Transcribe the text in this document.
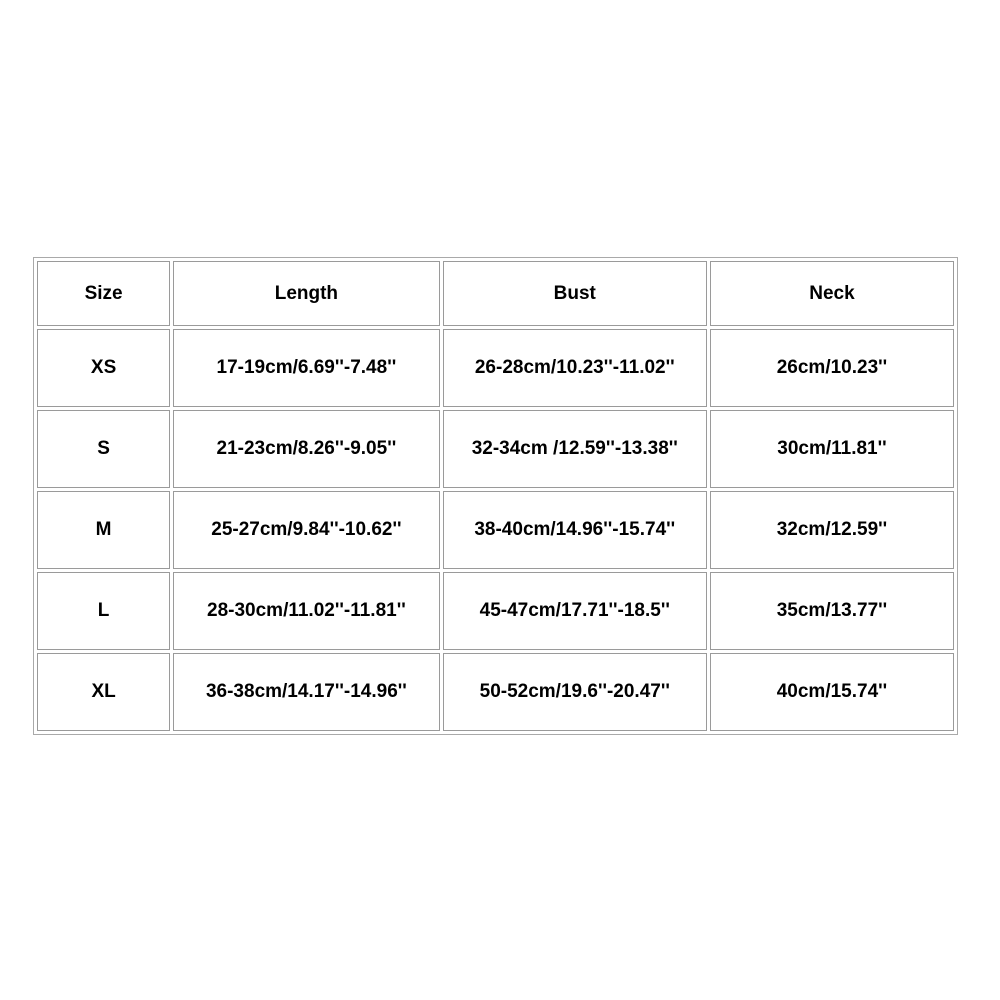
Size	Length	Bust	Neck
XS	17-19cm/6.69''-7.48''	26-28cm/10.23''-11.02''	26cm/10.23''
S	21-23cm/8.26''-9.05''	32-34cm /12.59''-13.38''	30cm/11.81''
M	25-27cm/9.84''-10.62''	38-40cm/14.96''-15.74''	32cm/12.59''
L	28-30cm/11.02''-11.81''	45-47cm/17.71''-18.5''	35cm/13.77''
XL	36-38cm/14.17''-14.96''	50-52cm/19.6''-20.47''	40cm/15.74''
